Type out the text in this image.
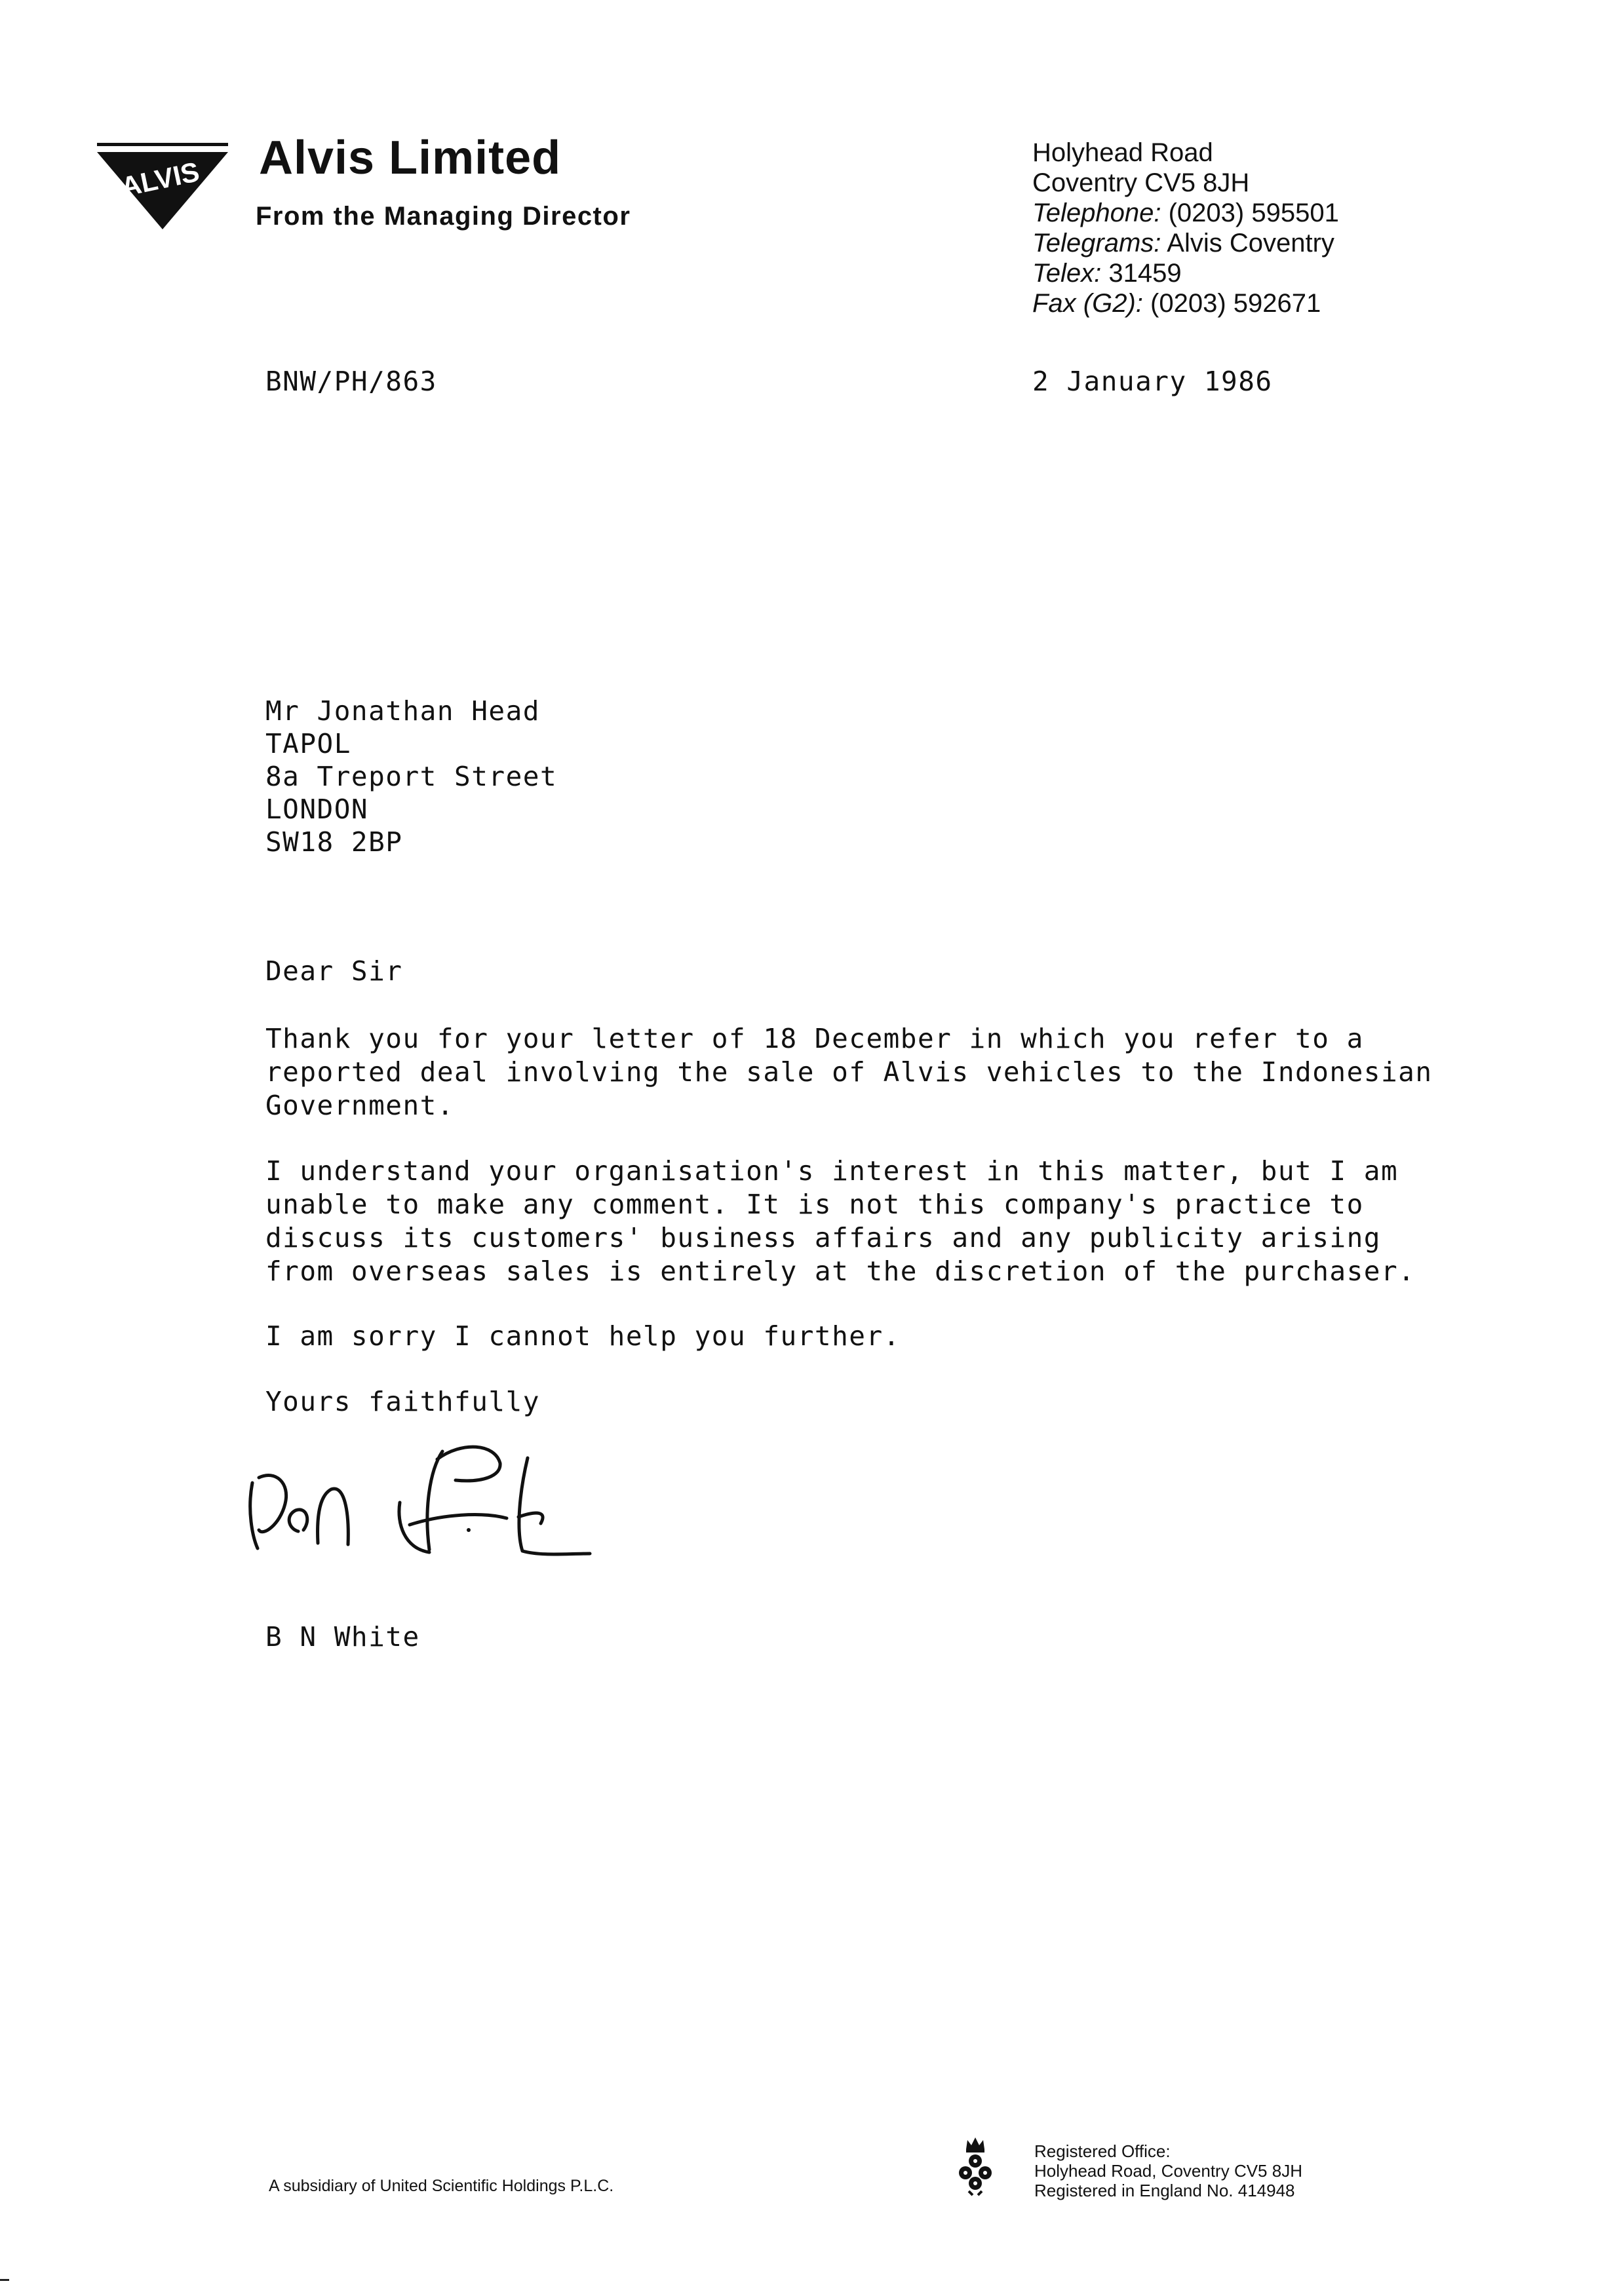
ALVIS Alvis Limited
From the Managing Director
Holyhead Road
Coventry CV5 8JH
Telephone: (0203) 595501
Telegrams: Alvis Coventry
Telex: 31459
Fax (G2): (0203) 592671
BNW/PH/863	2 January 1986
Mr Jonathan Head
TAPOL
8a Treport Street
LONDON
SW18 2BP
Dear Sir
Thank you for your letter of 18 December in which you refer to a
reported deal involving the sale of Alvis vehicles to the Indonesian
Government.
I understand your organisation's interest in this matter, but I am
unable to make any comment. It is not this company's practice to
discuss its customers' business affairs and any publicity arising
from overseas sales is entirely at the discretion of the purchaser.
I am sorry I cannot help you further.
Yours faithfully
B N White
A subsidiary of United Scientific Holdings P.L.C.
Registered Office:
Holyhead Road, Coventry CV5 8JH
Registered in England No. 414948
